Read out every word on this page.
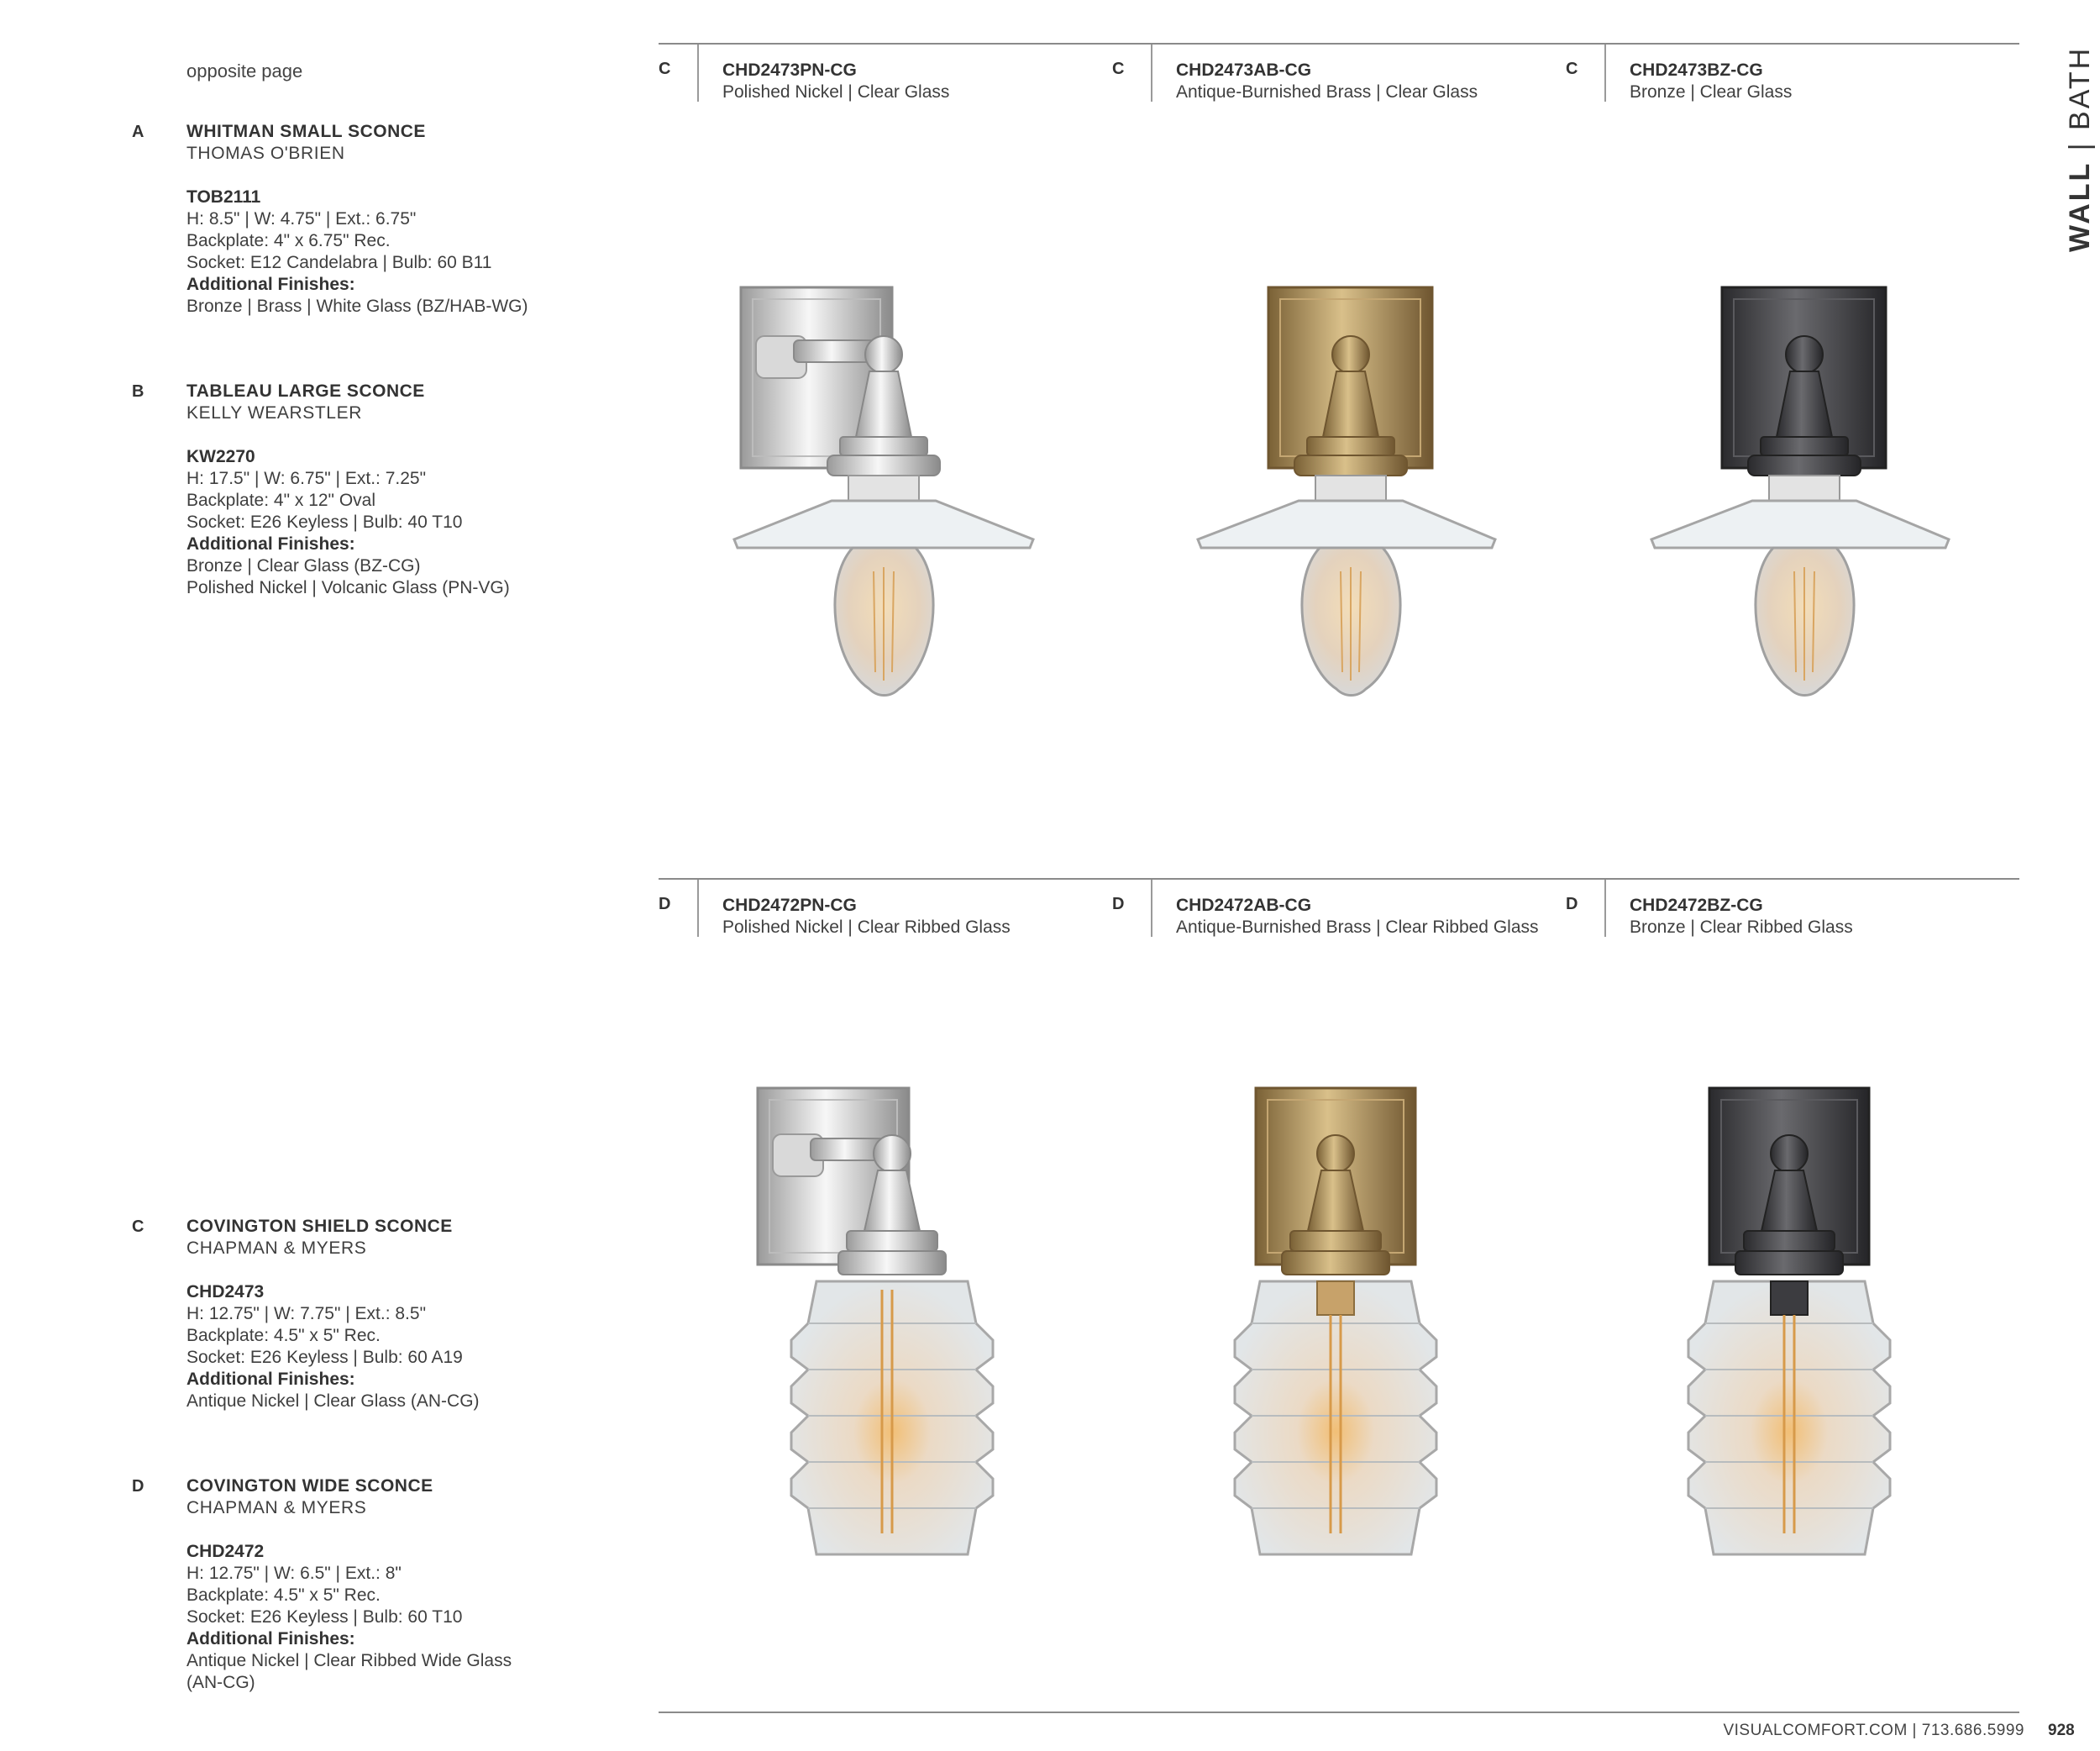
opposite page
A WHITMAN SMALL SCONCE
THOMAS O'BRIEN
TOB2111
H: 8.5" | W: 4.75" | Ext.: 6.75"
Backplate: 4" x 6.75" Rec.
Socket: E12 Candelabra | Bulb: 60 B11
Additional Finishes:
Bronze | Brass | White Glass (BZ/HAB-WG)
B TABLEAU LARGE SCONCE
KELLY WEARSTLER
KW2270
H: 17.5" | W: 6.75" | Ext.: 7.25"
Backplate: 4" x 12" Oval
Socket: E26 Keyless | Bulb: 40 T10
Additional Finishes:
Bronze | Clear Glass (BZ-CG)
Polished Nickel | Volcanic Glass (PN-VG)
C COVINGTON SHIELD SCONCE
CHAPMAN & MYERS
CHD2473
H: 12.75" | W: 7.75" | Ext.: 8.5"
Backplate: 4.5" x 5" Rec.
Socket: E26 Keyless | Bulb: 60 A19
Additional Finishes:
Antique Nickel | Clear Glass (AN-CG)
D COVINGTON WIDE SCONCE
CHAPMAN & MYERS
CHD2472
H: 12.75" | W: 6.5" | Ext.: 8"
Backplate: 4.5" x 5" Rec.
Socket: E26 Keyless | Bulb: 60 T10
Additional Finishes:
Antique Nickel | Clear Ribbed Wide Glass
(AN-CG)
C	CHD2473PN-CG
Polished Nickel | Clear Glass
C	CHD2473AB-CG
Antique-Burnished Brass | Clear Glass
C	CHD2473BZ-CG
Bronze | Clear Glass
D	CHD2472PN-CG
Polished Nickel | Clear Ribbed Glass
D	CHD2472AB-CG
Antique-Burnished Brass | Clear Ribbed Glass
D	CHD2472BZ-CG
Bronze | Clear Ribbed Glass
WALL | BATH
VISUALCOMFORT.COM | 713.686.5999 928
